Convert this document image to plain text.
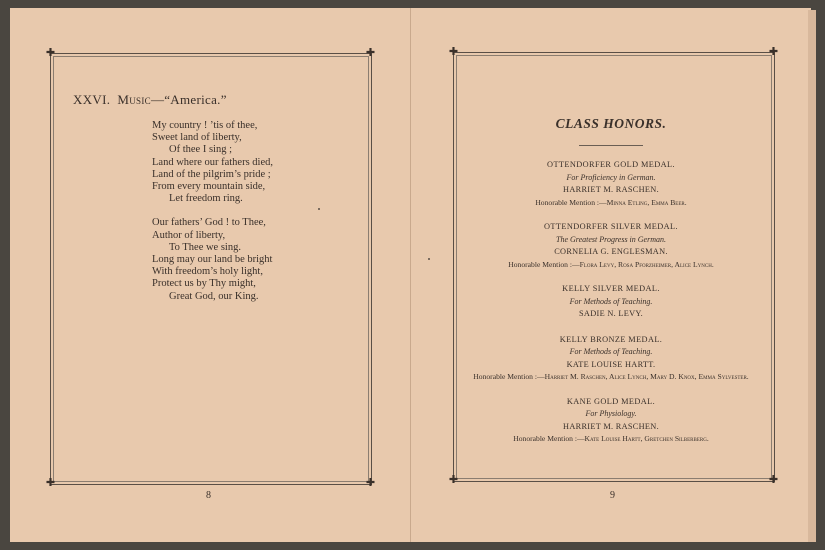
✚	✚
✚	✚
XXVI. Music—“America.”
My country ! ’tis of thee,
Sweet land of liberty,
Of thee I sing ;
Land where our fathers died,
Land of the pilgrim’s pride ;
From every mountain side,
Let freedom ring.
Our fathers’ God ! to Thee,
Author of liberty,
To Thee we sing.
Long may our land be bright
With freedom’s holy light,
Protect us by Thy might,
Great God, our King.
8
✚	✚
✚	✚
CLASS HONORS.
OTTENDORFER GOLD MEDAL.
For Proficiency in German.
HARRIET M. RASCHEN.
Honorable Mention :—Minna Etling, Emma Beer.
OTTENDORFER SILVER MEDAL.
The Greatest Progress in German.
CORNELIA G. ENGLESMAN.
Honorable Mention :—Flora Levy, Rosa Pforzheimer, Alice Lynch.
KELLY SILVER MEDAL.
For Methods of Teaching.
SADIE N. LEVY.
KELLY BRONZE MEDAL.
For Methods of Teaching.
KATE LOUISE HARTT.
Honorable Mention :—Harriet M. Raschen, Alice Lynch, Mary D. Knox, Emma Sylvester.
KANE GOLD MEDAL.
For Physiology.
HARRIET M. RASCHEN.
Honorable Mention :—Kate Louise Hartt, Gretchen Silberberg.
9
